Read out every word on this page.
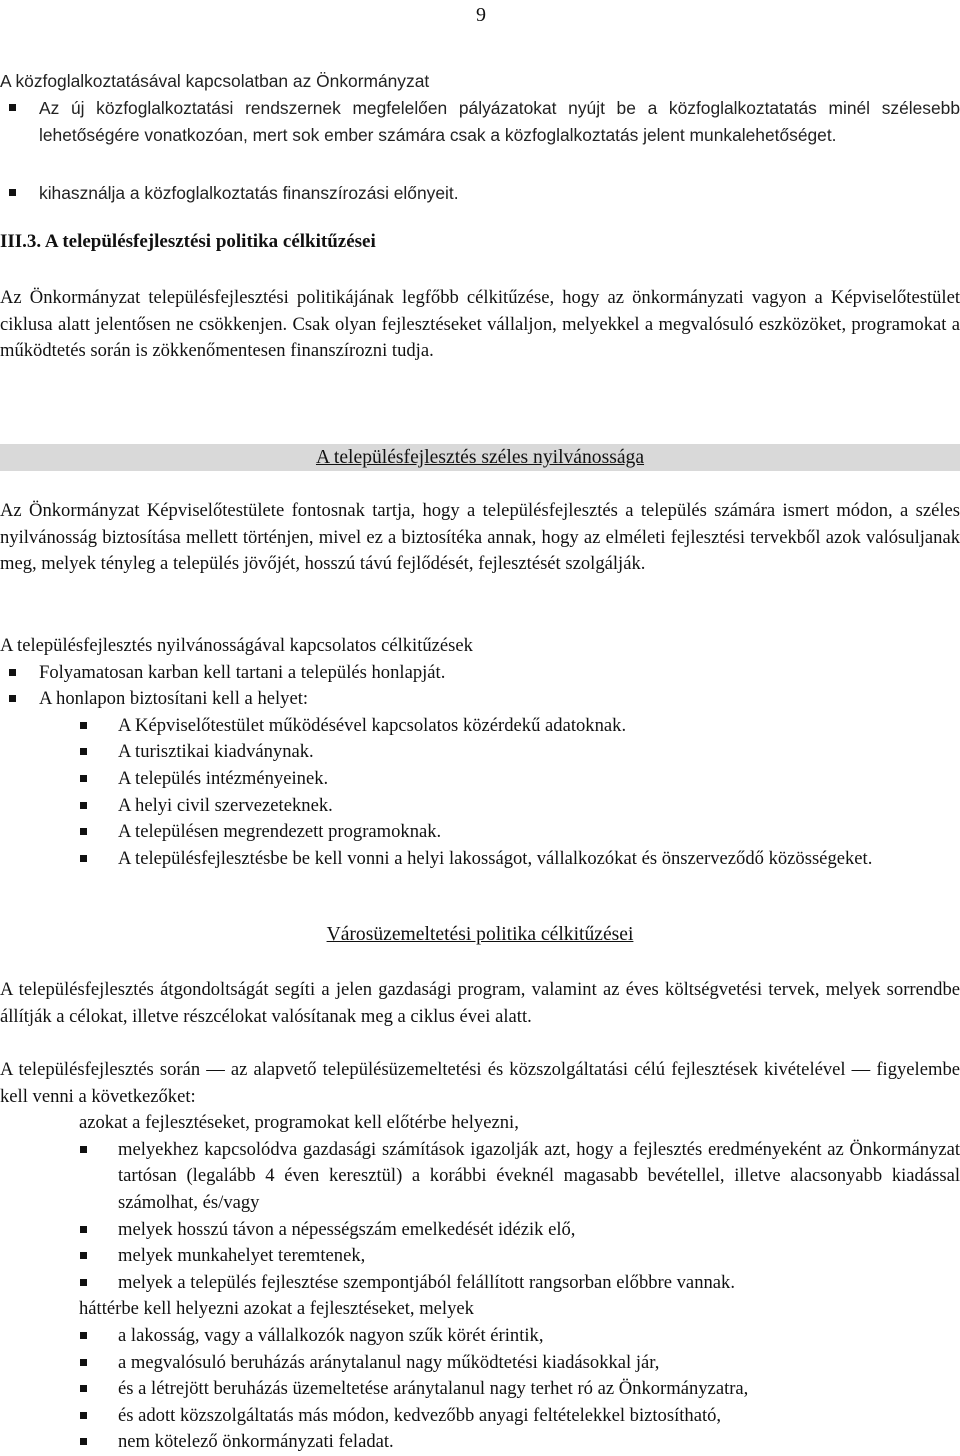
9

A közfoglalkoztatásával kapcsolatban az Önkormányzat

Az új közfoglalkoztatási rendszernek megfelelően pályázatokat nyújt be a közfoglalkoztatatás minél szélesebb lehetőségére vonatkozóan, mert sok ember számára csak a közfoglalkoztatás jelent munkalehetőséget.
kihasználja a közfoglalkoztatás finanszírozási előnyeit.
III.3. A településfejlesztési politika célkitűzései

Az Önkormányzat településfejlesztési politikájának legfőbb célkitűzése, hogy az önkormányzati vagyon a Képviselőtestület ciklusa alatt jelentősen ne csökkenjen. Csak olyan fejlesztéseket vállaljon, melyekkel a megvalósuló eszközöket, programokat a működtetés során is zökkenőmentesen finanszírozni tudja.

A településfejlesztés széles nyilvánossága

Az Önkormányzat Képviselőtestülete fontosnak tartja, hogy a településfejlesztés a település számára ismert módon, a széles nyilvánosság biztosítása mellett történjen, mivel ez a biztosítéka annak, hogy az elméleti fejlesztési tervekből azok valósuljanak meg, melyek tényleg a település jövőjét, hosszú távú fejlődését, fejlesztését szolgálják.

A településfejlesztés nyilvánosságával kapcsolatos célkitűzések

Folyamatosan karban kell tartani a település honlapját.
A honlapon biztosítani kell a helyet:
A Képviselőtestület működésével kapcsolatos közérdekű adatoknak.
A turisztikai kiadványnak.
A település intézményeinek.
A helyi civil szervezeteknek.
A településen megrendezett programoknak.
A településfejlesztésbe be kell vonni a helyi lakosságot, vállalkozókat és önszerveződő közösségeket.
Városüzemeltetési politika célkitűzései

A településfejlesztés átgondoltságát segíti a jelen gazdasági program, valamint az éves költségvetési tervek, melyek sorrendbe állítják a célokat, illetve részcélokat valósítanak meg a ciklus évei alatt.

A településfejlesztés során — az alapvető településüzemeltetési és közszolgáltatási célú fejlesztések kivételével — figyelembe kell venni a következőket:

azokat a fejlesztéseket, programokat kell előtérbe helyezni,

melyekhez kapcsolódva gazdasági számítások igazolják azt, hogy a fejlesztés eredményeként az Önkormányzat tartósan (legalább 4 éven keresztül) a korábbi éveknél magasabb bevétellel, illetve alacsonyabb kiadással számolhat, és/vagy
melyek hosszú távon a népességszám emelkedését idézik elő,
melyek munkahelyet teremtenek,
melyek a település fejlesztése szempontjából felállított rangsorban előbbre vannak.

háttérbe kell helyezni azokat a fejlesztéseket, melyek

a lakosság, vagy a vállalkozók nagyon szűk körét érintik,
a megvalósuló beruházás aránytalanul nagy működtetési kiadásokkal jár,
és a létrejött beruházás üzemeltetése aránytalanul nagy terhet ró az Önkormányzatra,
és adott közszolgáltatás más módon, kedvezőbb anyagi feltételekkel biztosítható,
nem kötelező önkormányzati feladat.
